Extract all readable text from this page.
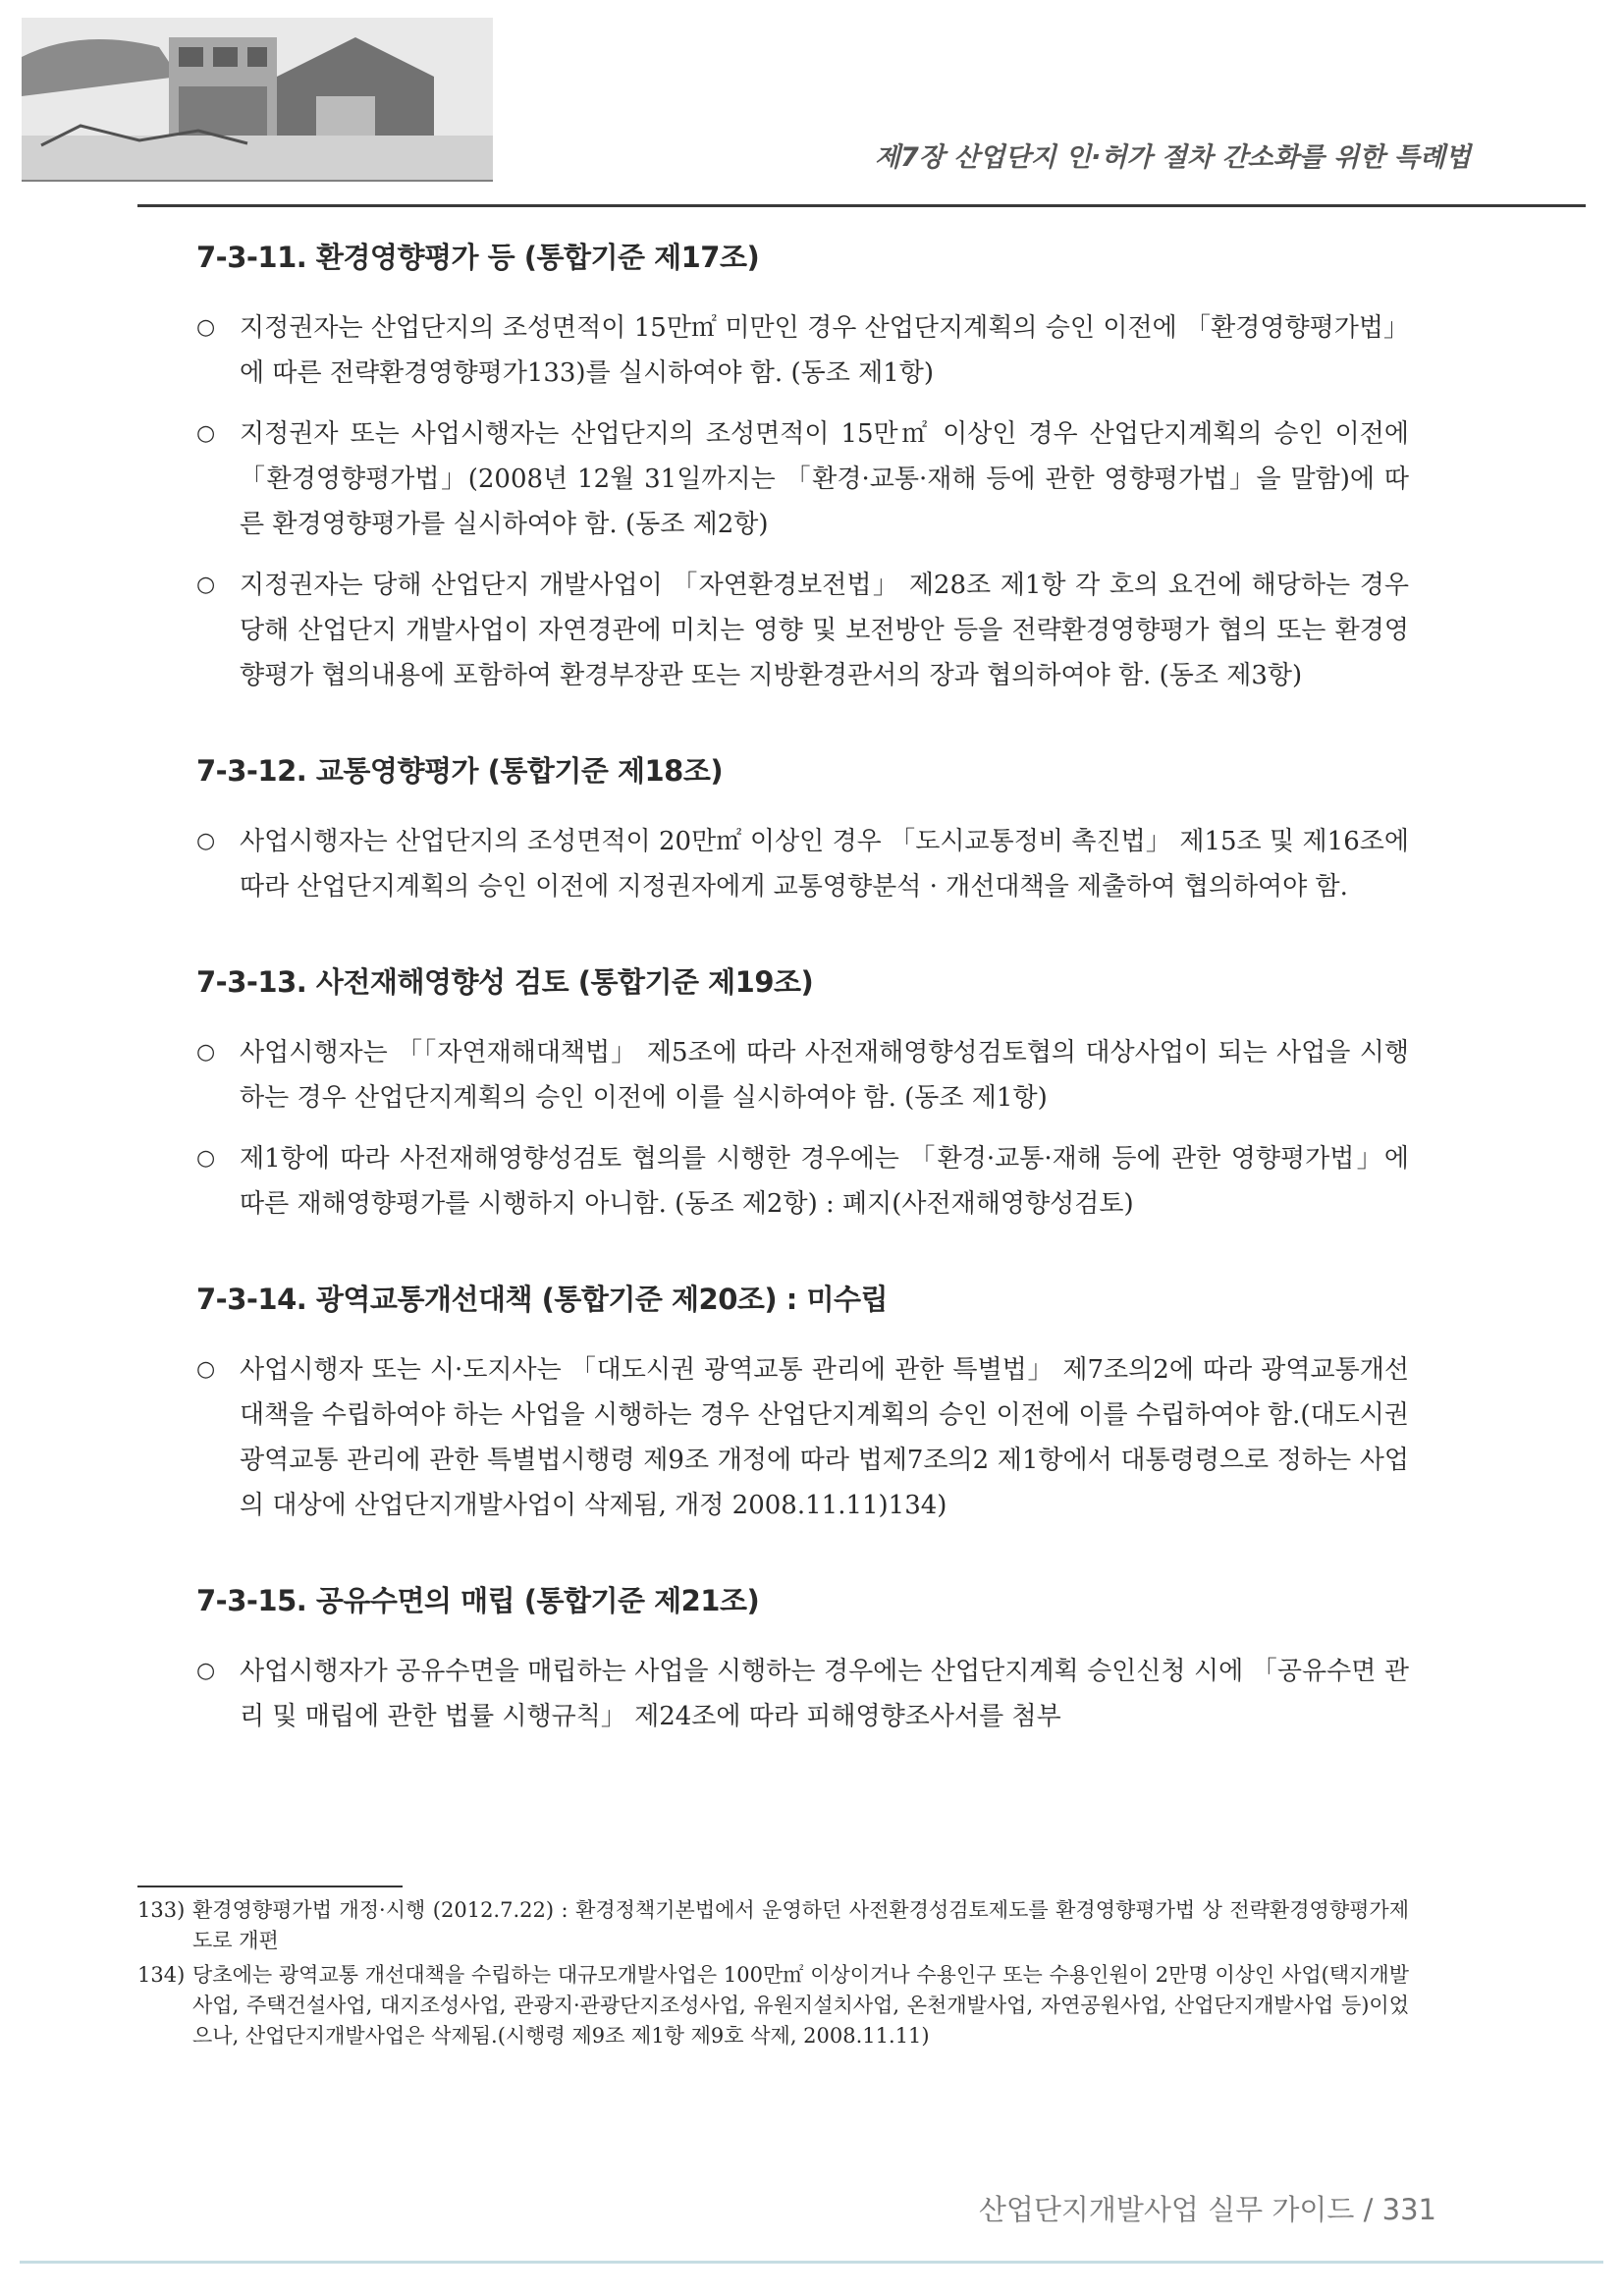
제7장 산업단지 인·허가 절차 간소화를 위한 특례법
7-3-11. 환경영향평가 등 (통합기준 제17조)
○ 지정권자는 산업단지의 조성면적이 15만㎡ 미만인 경우 산업단지계획의 승인 이전에 「환경영향평가법」에 따른 전략환경영향평가133)를 실시하여야 함. (동조 제1항)
○ 지정권자 또는 사업시행자는 산업단지의 조성면적이 15만㎡ 이상인 경우 산업단지계획의 승인 이전에 「환경영향평가법」(2008년 12월 31일까지는 「환경·교통·재해 등에 관한 영향평가법」을 말함)에 따른 환경영향평가를 실시하여야 함. (동조 제2항)
○ 지정권자는 당해 산업단지 개발사업이 「자연환경보전법」 제28조 제1항 각 호의 요건에 해당하는 경우 당해 산업단지 개발사업이 자연경관에 미치는 영향 및 보전방안 등을 전략환경영향평가 협의 또는 환경영향평가 협의내용에 포함하여 환경부장관 또는 지방환경관서의 장과 협의하여야 함. (동조 제3항)
7-3-12. 교통영향평가 (통합기준 제18조)
○ 사업시행자는 산업단지의 조성면적이 20만㎡ 이상인 경우 「도시교통정비 촉진법」 제15조 및 제16조에 따라 산업단지계획의 승인 이전에 지정권자에게 교통영향분석 · 개선대책을 제출하여 협의하여야 함.
7-3-13. 사전재해영향성 검토 (통합기준 제19조)
○ 사업시행자는 「「자연재해대책법」 제5조에 따라 사전재해영향성검토협의 대상사업이 되는 사업을 시행하는 경우 산업단지계획의 승인 이전에 이를 실시하여야 함. (동조 제1항)
○ 제1항에 따라 사전재해영향성검토 협의를 시행한 경우에는 「환경·교통·재해 등에 관한 영향평가법」에 따른 재해영향평가를 시행하지 아니함. (동조 제2항) : 폐지(사전재해영향성검토)
7-3-14. 광역교통개선대책 (통합기준 제20조) : 미수립
○ 사업시행자 또는 시·도지사는 「대도시권 광역교통 관리에 관한 특별법」 제7조의2에 따라 광역교통개선대책을 수립하여야 하는 사업을 시행하는 경우 산업단지계획의 승인 이전에 이를 수립하여야 함.(대도시권 광역교통 관리에 관한 특별법시행령 제9조 개정에 따라 법제7조의2 제1항에서 대통령령으로 정하는 사업의 대상에 산업단지개발사업이 삭제됨, 개정 2008.11.11)134)
7-3-15. 공유수면의 매립 (통합기준 제21조)
○ 사업시행자가 공유수면을 매립하는 사업을 시행하는 경우에는 산업단지계획 승인신청 시에 「공유수면 관리 및 매립에 관한 법률 시행규칙」 제24조에 따라 피해영향조사서를 첨부
133) 환경영향평가법 개정·시행 (2012.7.22) : 환경정책기본법에서 운영하던 사전환경성검토제도를 환경영향평가법 상 전략환경영향평가제도로 개편
134) 당초에는 광역교통 개선대책을 수립하는 대규모개발사업은 100만㎡ 이상이거나 수용인구 또는 수용인원이 2만명 이상인 사업(택지개발사업, 주택건설사업, 대지조성사업, 관광지·관광단지조성사업, 유원지설치사업, 온천개발사업, 자연공원사업, 산업단지개발사업 등)이었으나, 산업단지개발사업은 삭제됨.(시행령 제9조 제1항 제9호 삭제, 2008.11.11)
산업단지개발사업 실무 가이드 / 331
